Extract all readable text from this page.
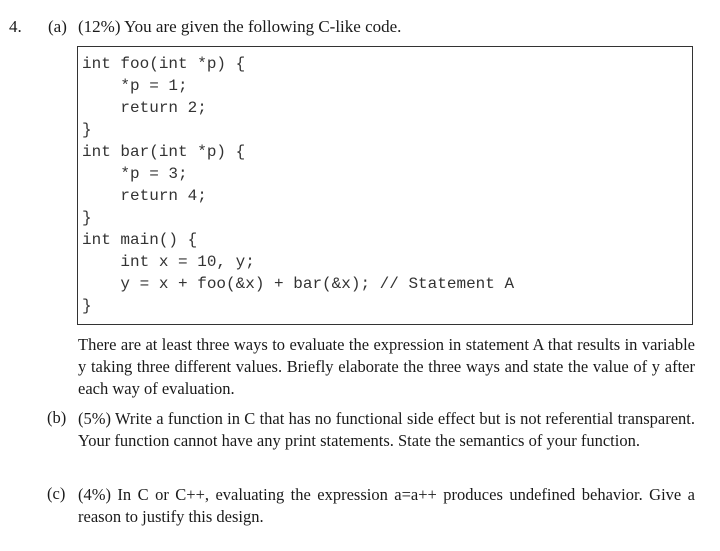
4. (a) (12%) You are given the following C-like code.
int foo(int *p) {
*p = 1;
return 2;
}
int bar(int *p) {
*p = 3;
return 4;
}
int main() {
int x = 10, y;
y = x + foo(&x) + bar(&x); // Statement A
}
There are at least three ways to evaluate the expression in statement A that results in variable y taking three different values. Briefly elaborate the three ways and state the value of y after each way of evaluation.
(b) (5%) Write a function in C that has no functional side effect but is not referential transparent. Your function cannot have any print statements. State the semantics of your function.
(c) (4%) In C or C++, evaluating the expression a=a++ produces undefined behavior. Give a reason to justify this design.
